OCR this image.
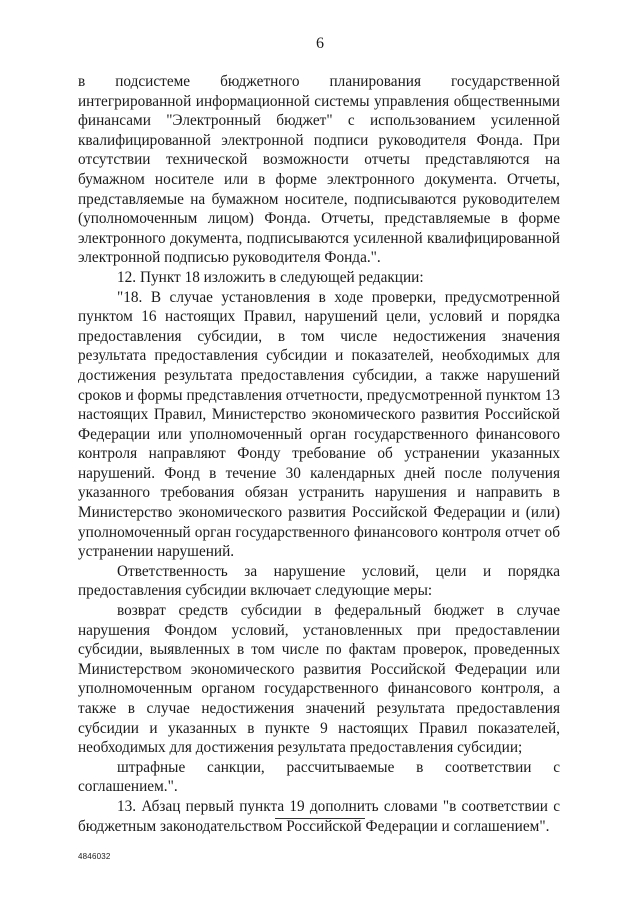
6

в подсистеме бюджетного планирования государственной интегрированной информационной системы управления общественными финансами "Электронный бюджет" с использованием усиленной квалифицированной электронной подписи руководителя Фонда. При отсутствии технической возможности отчеты представляются на бумажном носителе или в форме электронного документа. Отчеты, представляемые на бумажном носителе, подписываются руководителем (уполномоченным лицом) Фонда. Отчеты, представляемые в форме электронного документа, подписываются усиленной квалифицированной электронной подписью руководителя Фонда.".

12. Пункт 18 изложить в следующей редакции:

"18. В случае установления в ходе проверки, предусмотренной пунктом 16 настоящих Правил, нарушений цели, условий и порядка предоставления субсидии, в том числе недостижения значения результата предоставления субсидии и показателей, необходимых для достижения результата предоставления субсидии, а также нарушений сроков и формы представления отчетности, предусмотренной пунктом 13 настоящих Правил, Министерство экономического развития Российской Федерации или уполномоченный орган государственного финансового контроля направляют Фонду требование об устранении указанных нарушений. Фонд в течение 30 календарных дней после получения указанного требования обязан устранить нарушения и направить в Министерство экономического развития Российской Федерации и (или) уполномоченный орган государственного финансового контроля отчет об устранении нарушений.

Ответственность за нарушение условий, цели и порядка предоставления субсидии включает следующие меры:

возврат средств субсидии в федеральный бюджет в случае нарушения Фондом условий, установленных при предоставлении субсидии, выявленных в том числе по фактам проверок, проведенных Министерством экономического развития Российской Федерации или уполномоченным органом государственного финансового контроля, а также в случае недостижения значений результата предоставления субсидии и указанных в пункте 9 настоящих Правил показателей, необходимых для достижения результата предоставления субсидии;

штрафные санкции, рассчитываемые в соответствии с соглашением.".

13. Абзац первый пункта 19 дополнить словами "в соответствии с бюджетным законодательством Российской Федерации и соглашением".

4846032
